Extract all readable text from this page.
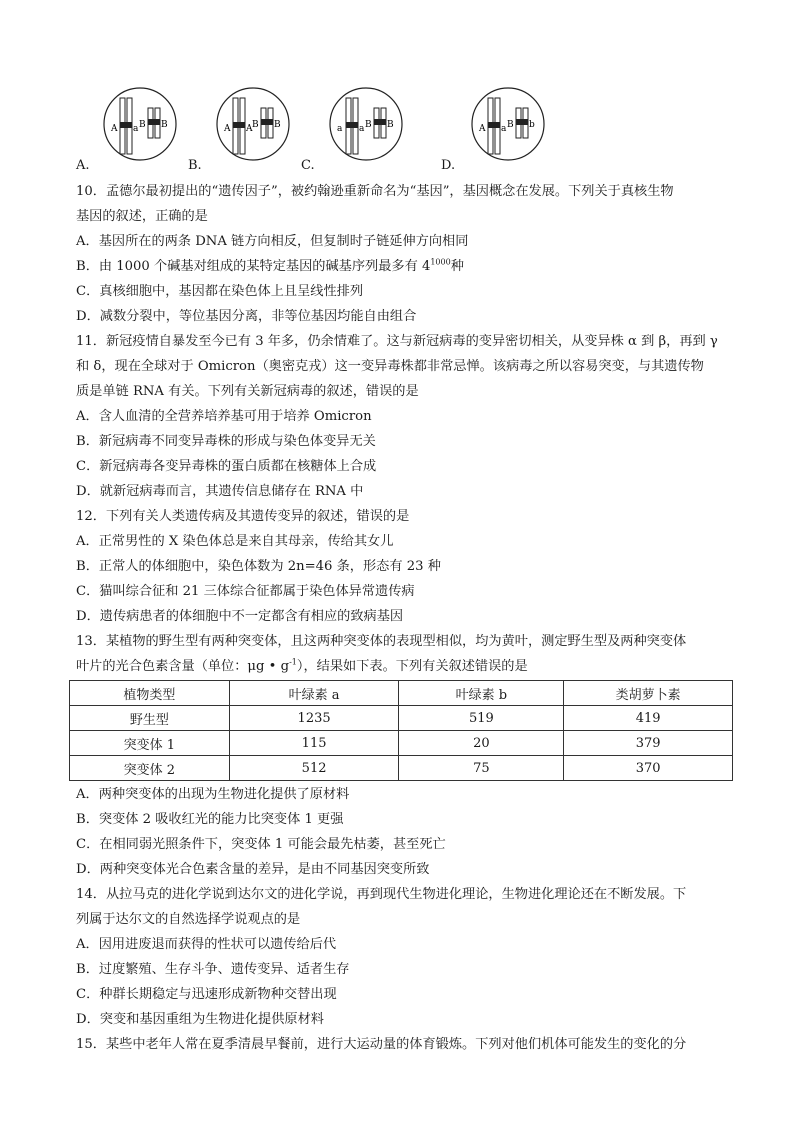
A.	B.	C.	D.
A a B B	A A B B	a a B B	A a B b
10．孟德尔最初提出的“遗传因子”，被约翰逊重新命名为“基因”，基因概念在发展。下列关于真核生物
基因的叙述，正确的是
A．基因所在的两条 DNA 链方向相反，但复制时子链延伸方向相同
B．由 1000 个碱基对组成的某特定基因的碱基序列最多有 $4^{1000}$种
C．真核细胞中，基因都在染色体上且呈线性排列
D．减数分裂中，等位基因分离，非等位基因均能自由组合
11．新冠疫情自暴发至今已有 3 年多，仍余情难了。这与新冠病毒的变异密切相关，从变异株 α 到 β，再到 γ
和 δ，现在全球对于 Omicron（奥密克戎）这一变异毒株都非常忌惮。该病毒之所以容易突变，与其遗传物
质是单链 RNA 有关。下列有关新冠病毒的叙述，错误的是
A．含人血清的全营养培养基可用于培养 Omicron
B．新冠病毒不同变异毒株的形成与染色体变异无关
C．新冠病毒各变异毒株的蛋白质都在核糖体上合成
D．就新冠病毒而言，其遗传信息储存在 RNA 中
12．下列有关人类遗传病及其遗传变异的叙述，错误的是
A．正常男性的 X 染色体总是来自其母亲，传给其女儿
B．正常人的体细胞中，染色体数为 2n=46 条，形态有 23 种
C．猫叫综合征和 21 三体综合征都属于染色体异常遗传病
D．遗传病患者的体细胞中不一定都含有相应的致病基因
13．某植物的野生型有两种突变体，且这两种突变体的表现型相似，均为黄叶，测定野生型及两种突变体
叶片的光合色素含量（单位：μg • $g^{-1}$），结果如下表。下列有关叙述错误的是
植物类型	叶绿素 a	叶绿素 b	类胡萝卜素
野生型	1235	519	419
突变体 1	115	20	379
突变体 2	512	75	370
A．两种突变体的出现为生物进化提供了原材料
B．突变体 2 吸收红光的能力比突变体 1 更强
C．在相同弱光照条件下，突变体 1 可能会最先枯萎，甚至死亡
D．两种突变体光合色素含量的差异，是由不同基因突变所致
14．从拉马克的进化学说到达尔文的进化学说，再到现代生物进化理论，生物进化理论还在不断发展。下
列属于达尔文的自然选择学说观点的是
A．因用进废退而获得的性状可以遗传给后代
B．过度繁殖、生存斗争、遗传变异、适者生存
C．种群长期稳定与迅速形成新物种交替出现
D．突变和基因重组为生物进化提供原材料
15．某些中老年人常在夏季清晨早餐前，进行大运动量的体育锻炼。下列对他们机体可能发生的变化的分
